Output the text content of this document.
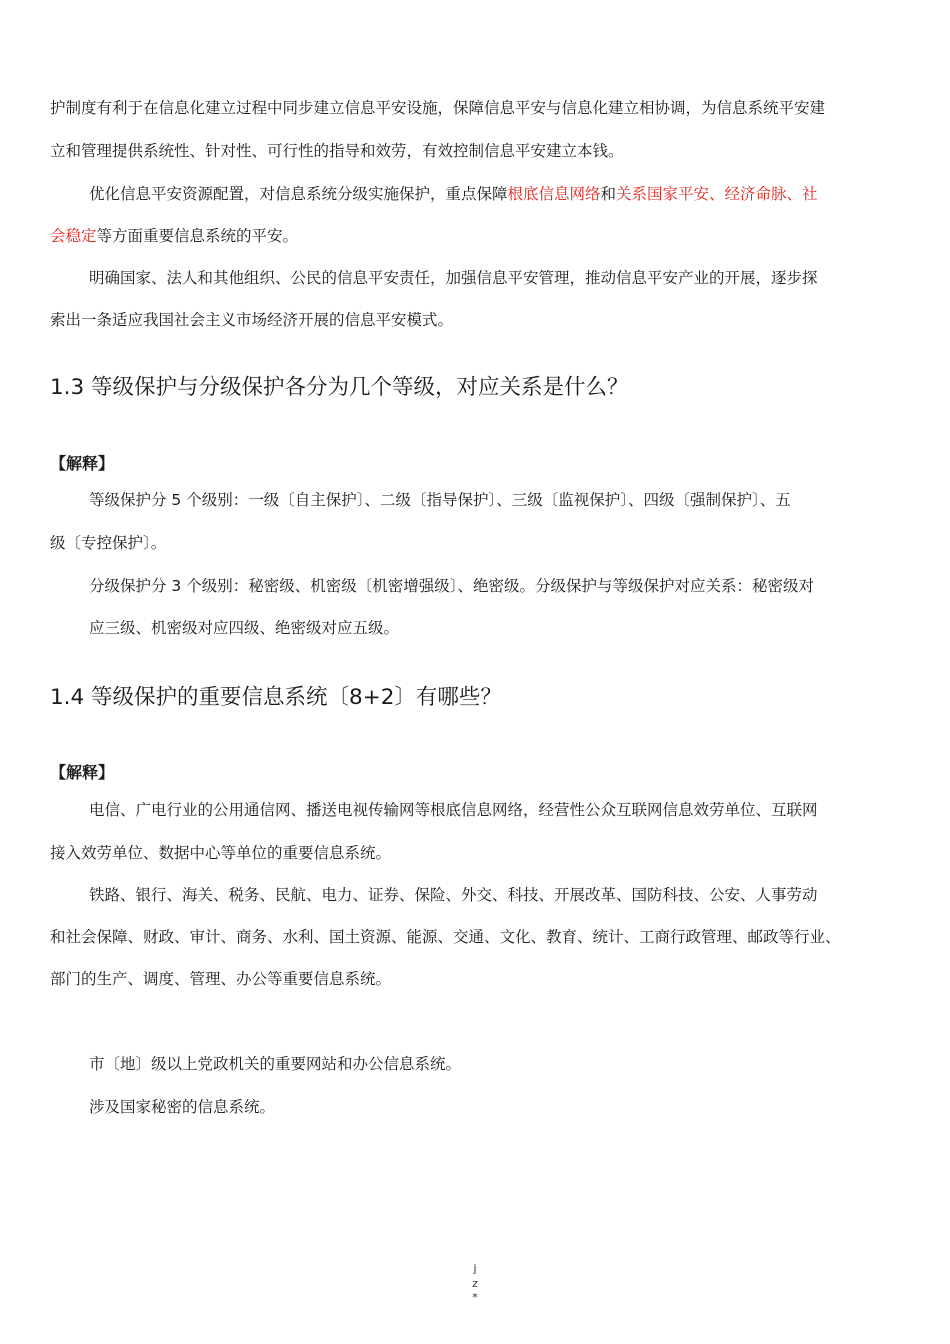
护制度有利于在信息化建立过程中同步建立信息平安设施，保障信息平安与信息化建立相协调，为信息系统平安建
立和管理提供系统性、针对性、可行性的指导和效劳，有效控制信息平安建立本钱。
优化信息平安资源配置，对信息系统分级实施保护，重点保障根底信息网络和关系国家平安、经济命脉、社
会稳定等方面重要信息系统的平安。
明确国家、法人和其他组织、公民的信息平安责任，加强信息平安管理，推动信息平安产业的开展，逐步探
索出一条适应我国社会主义市场经济开展的信息平安模式。
1.3 等级保护与分级保护各分为几个等级，对应关系是什么？
【解释】
等级保护分 5 个级别：一级〔自主保护〕、二级〔指导保护〕、三级〔监视保护〕、四级〔强制保护〕、五
级〔专控保护〕。
分级保护分 3 个级别：秘密级、机密级〔机密增强级〕、绝密级。分级保护与等级保护对应关系：秘密级对
应三级、机密级对应四级、绝密级对应五级。
1.4 等级保护的重要信息系统〔8+2〕有哪些？
【解释】
电信、广电行业的公用通信网、播送电视传输网等根底信息网络，经营性公众互联网信息效劳单位、互联网
接入效劳单位、数据中心等单位的重要信息系统。
铁路、银行、海关、税务、民航、电力、证券、保险、外交、科技、开展改革、国防科技、公安、人事劳动
和社会保障、财政、审计、商务、水利、国土资源、能源、交通、文化、教育、统计、工商行政管理、邮政等行业、
部门的生产、调度、管理、办公等重要信息系统。
市〔地〕级以上党政机关的重要网站和办公信息系统。
涉及国家秘密的信息系统。
j
z
*
